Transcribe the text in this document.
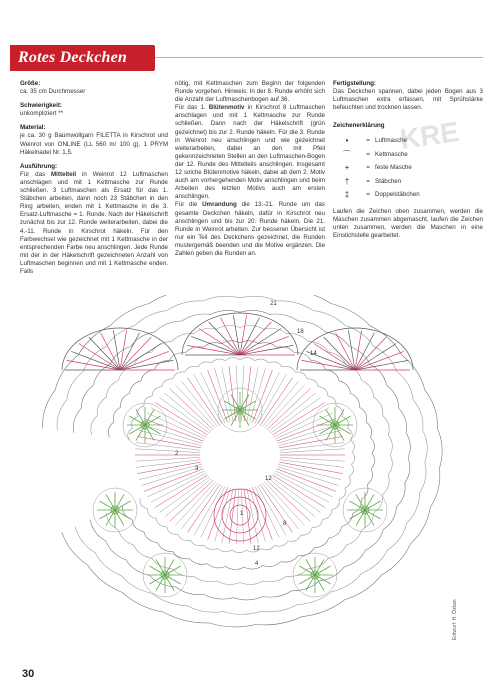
KRE
Rotes Deckchen
Größe:
ca. 35 cm Durchmesser
Schwierigkeit:
unkompliziert **
Material:
je ca. 30 g Baumwollgarn FILETTA in Kirschrot und Weinrot von ONLINE (LL 560 m/ 100 g), 1 PRYM Häkelnadel Nr. 1,5.
Ausführung:
Für das Mittelteil in Weinrot 12 Luftmaschen anschlagen und mit 1 Kettmasche zur Runde schließen. 3 Luftmaschen als Ersatz für das 1. Stäbchen arbeiten, dann noch 23 Stäbchen in den Ring arbeiten, enden mit 1 Kettmasche in die 3. Ersatz-Luftmasche = 1. Runde. Nach der Häkelschrift zunächst bis zur 12. Runde weiterarbeiten, dabei die 4.-11. Runde in Kirschrot häkeln. Für den Farbwechsel wie gezeichnet mit 1 Kettmasche in der entsprechenden Farbe neu anschlingen. Jede Runde mit der in der Häkelschrift gezeichneten Anzahl von Luftmaschen beginnen und mit 1 Kettmasche enden. Falls
nötig, mit Kettmaschen zum Beginn der folgenden Runde vorgehen. Hinweis: In der 8. Runde erhöht sich die Anzahl der Luftmaschenbogen auf 36.
Für das 1. Blütenmotiv in Kirschrot 8 Luftmaschen anschlagen und mit 1 Kettmasche zur Runde schließen. Dann nach der Häkelschrift (grün gezeichnet) bis zur 2. Runde häkeln. Für die 3. Runde in Weinrot neu anschlingen und wie gezeichnet weiterarbeiten, dabei an den mit Pfeil gekennzeichneten Stellen an den Luftmaschen-Bogen der 12. Runde des Mittelteils anschlingen. Insgesamt 12 solche Blütenmotive häkeln, dabei ab dem 2. Motiv auch am vorhergehenden Motiv anschlingen und beim Arbeiten des letzten Motivs auch am ersten anschlingen.
Für die Umrandung die 13.-21. Runde um das gesamte Deckchen häkeln, dafür in Kirschrot neu anschlingen und bis zur 20. Runde häkeln. Die 21. Runde in Weinrot arbeiten. Zur besseren Übersicht ist nur ein Teil des Deckchens gezeichnet, die Runden mustergemäß beenden und die Motive ergänzen. Die Zahlen geben die Runden an.
Fertigstellung:
Das Deckchen spannen, dabei jeden Bogen aus 3 Luftmaschen extra erfassen, mit Sprühstärke befeuchten und trocknen lassen.
Zeichenerklärung
•	= Luftmasche
⌒	= Kettmasche
+	= feste Masche
†	= Stäbchen
‡	= Doppelstäbchen
Laufen die Zeichen oben zusammen, werden die Maschen zusammen abgemascht, laufen die Zeichen unten zusammen, werden die Maschen in eine Einstichstelle gearbeitet.
21
18
14
12
12
8
4
1
2
3
30
Entwurf: H. Özkan
